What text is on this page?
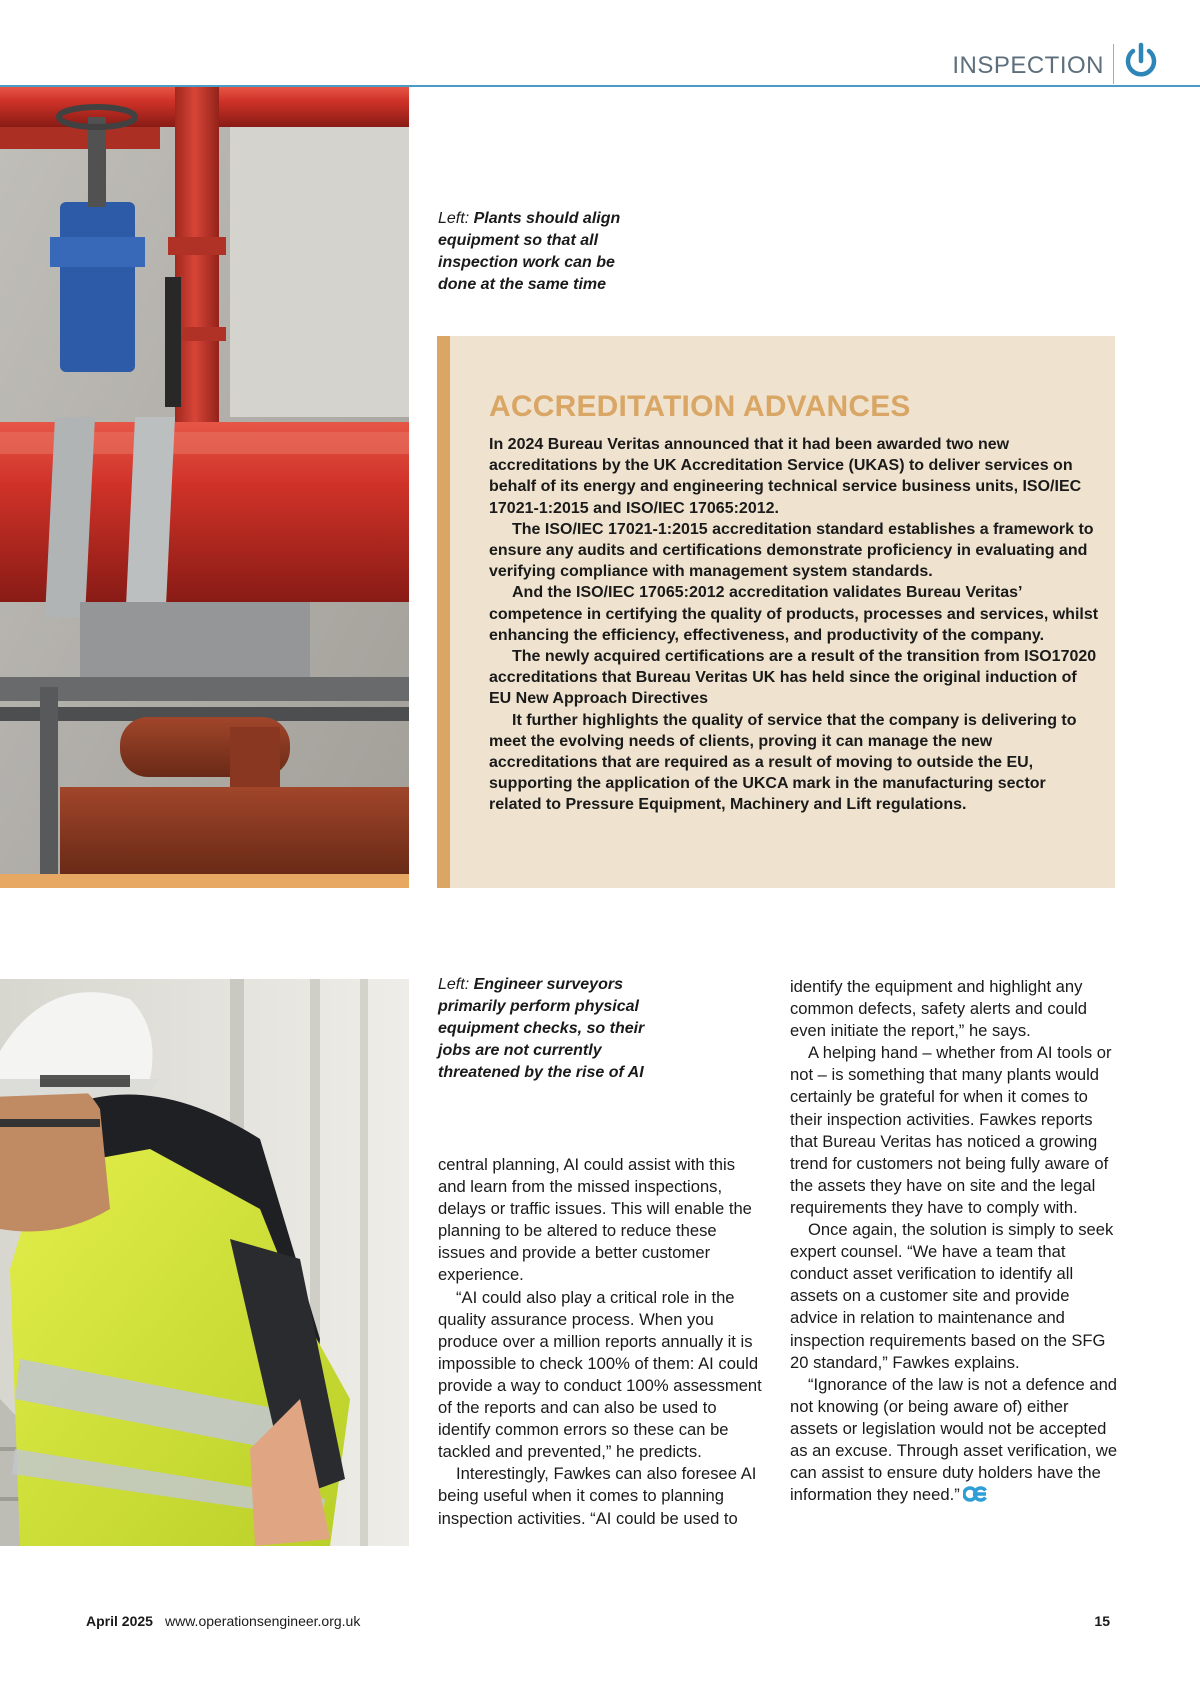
INSPECTION
Left: Plants should align equipment so that all inspection work can be done at the same time
ACCREDITATION ADVANCES

In 2024 Bureau Veritas announced that it had been awarded two new accreditations by the UK Accreditation Service (UKAS) to deliver services on behalf of its energy and engineering technical service business units, ISO/IEC 17021-1:2015 and ISO/IEC 17065:2012.

The ISO/IEC 17021-1:2015 accreditation standard establishes a framework to ensure any audits and certifications demonstrate proficiency in evaluating and verifying compliance with management system standards.

And the ISO/IEC 17065:2012 accreditation validates Bureau Veritas’ competence in certifying the quality of products, processes and services, whilst enhancing the efficiency, effectiveness, and productivity of the company.

The newly acquired certifications are a result of the transition from ISO17020 accreditations that Bureau Veritas UK has held since the original induction of EU New Approach Directives

It further highlights the quality of service that the company is delivering to meet the evolving needs of clients, proving it can manage the new accreditations that are required as a result of moving to outside the EU, supporting the application of the UKCA mark in the manufacturing sector related to Pressure Equipment, Machinery and Lift regulations.

Left: Engineer surveyors primarily perform physical equipment checks, so their jobs are not currently threatened by the rise of AI

central planning, AI could assist with this and learn from the missed inspections, delays or traffic issues. This will enable the planning to be altered to reduce these issues and provide a better customer experience.

“AI could also play a critical role in the quality assurance process. When you produce over a million reports annually it is impossible to check 100% of them: AI could provide a way to conduct 100% assessment of the reports and can also be used to identify common errors so these can be tackled and prevented,” he predicts.

Interestingly, Fawkes can also foresee AI being useful when it comes to planning inspection activities. “AI could be used to

identify the equipment and highlight any common defects, safety alerts and could even initiate the report,” he says.

A helping hand – whether from AI tools or not – is something that many plants would certainly be grateful for when it comes to their inspection activities. Fawkes reports that Bureau Veritas has noticed a growing trend for customers not being fully aware of the assets they have on site and the legal requirements they have to comply with.

Once again, the solution is simply to seek expert counsel. “We have a team that conduct asset verification to identify all assets on a customer site and provide advice in relation to maintenance and inspection requirements based on the SFG 20 standard,” Fawkes explains.

“Ignorance of the law is not a defence and not knowing (or being aware of) either assets or legislation would not be accepted as an excuse. Through asset verification, we can assist to ensure duty holders have the information they need.”

April 2025 www.operationsengineer.org.uk	15
